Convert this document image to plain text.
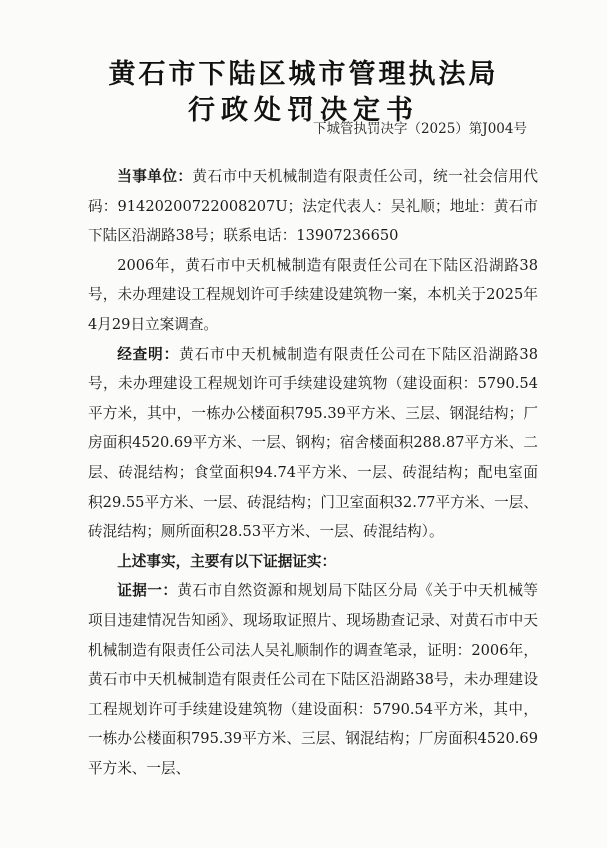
黄石市下陆区城市管理执法局
行政处罚决定书
下城管执罚决字（2025）第J004号

当事单位：黄石市中天机械制造有限责任公司，统一社会信用代码：91420200722008207U；法定代表人：吴礼顺；地址：黄石市下陆区沿湖路38号；联系电话：13907236650

2006年，黄石市中天机械制造有限责任公司在下陆区沿湖路38号，未办理建设工程规划许可手续建设建筑物一案，本机关于2025年4月29日立案调查。

经查明：黄石市中天机械制造有限责任公司在下陆区沿湖路38号，未办理建设工程规划许可手续建设建筑物（建设面积：5790.54平方米，其中，一栋办公楼面积795.39平方米、三层、钢混结构；厂房面积4520.69平方米、一层、钢构；宿舍楼面积288.87平方米、二层、砖混结构；食堂面积94.74平方米、一层、砖混结构；配电室面积29.55平方米、一层、砖混结构；门卫室面积32.77平方米、一层、砖混结构；厕所面积28.53平方米、一层、砖混结构）。

上述事实，主要有以下证据证实：

证据一：黄石市自然资源和规划局下陆区分局《关于中天机械等项目违建情况告知函》、现场取证照片、现场勘查记录、对黄石市中天机械制造有限责任公司法人吴礼顺制作的调查笔录，证明：2006年，黄石市中天机械制造有限责任公司在下陆区沿湖路38号，未办理建设工程规划许可手续建设建筑物（建设面积：5790.54平方米，其中，一栋办公楼面积795.39平方米、三层、钢混结构；厂房面积4520.69平方米、一层、
